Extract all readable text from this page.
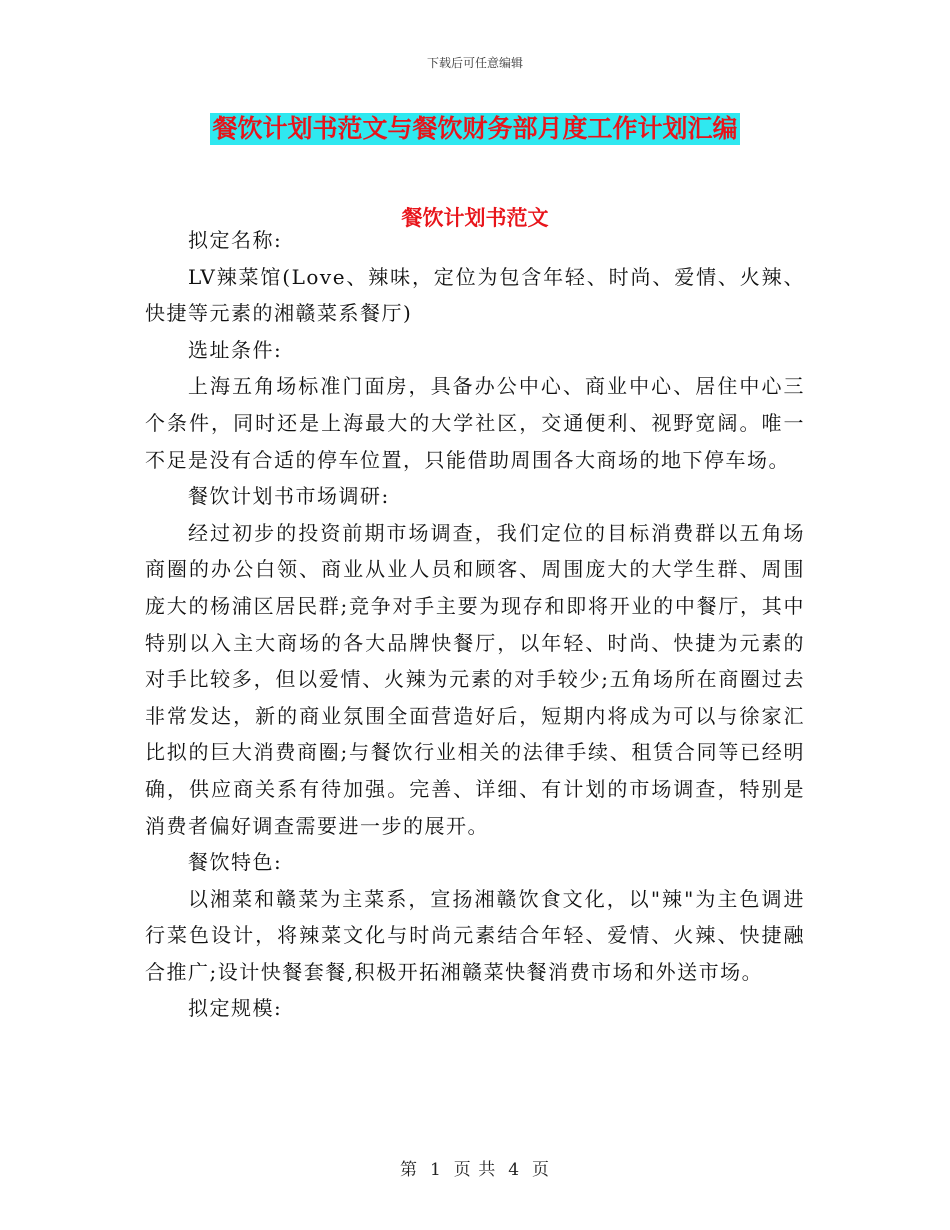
下载后可任意编辑
餐饮计划书范文与餐饮财务部月度工作计划汇编
餐饮计划书范文

拟定名称:

LV辣菜馆(Love、辣味，定位为包含年轻、时尚、爱情、火辣、快捷等元素的湘赣菜系餐厅)

选址条件:

上海五角场标准门面房，具备办公中心、商业中心、居住中心三个条件，同时还是上海最大的大学社区，交通便利、视野宽阔。唯一不足是没有合适的停车位置，只能借助周围各大商场的地下停车场。

餐饮计划书市场调研:

经过初步的投资前期市场调查，我们定位的目标消费群以五角场商圈的办公白领、商业从业人员和顾客、周围庞大的大学生群、周围庞大的杨浦区居民群;竞争对手主要为现存和即将开业的中餐厅，其中特别以入主大商场的各大品牌快餐厅，以年轻、时尚、快捷为元素的对手比较多，但以爱情、火辣为元素的对手较少;五角场所在商圈过去非常发达，新的商业氛围全面营造好后，短期内将成为可以与徐家汇比拟的巨大消费商圈;与餐饮行业相关的法律手续、租赁合同等已经明确，供应商关系有待加强。完善、详细、有计划的市场调查，特别是消费者偏好调查需要进一步的展开。

餐饮特色:

以湘菜和赣菜为主菜系，宣扬湘赣饮食文化，以"辣"为主色调进行菜色设计，将辣菜文化与时尚元素结合年轻、爱情、火辣、快捷融合推广;设计快餐套餐,积极开拓湘赣菜快餐消费市场和外送市场。

拟定规模:

第 1 页 共 4 页
